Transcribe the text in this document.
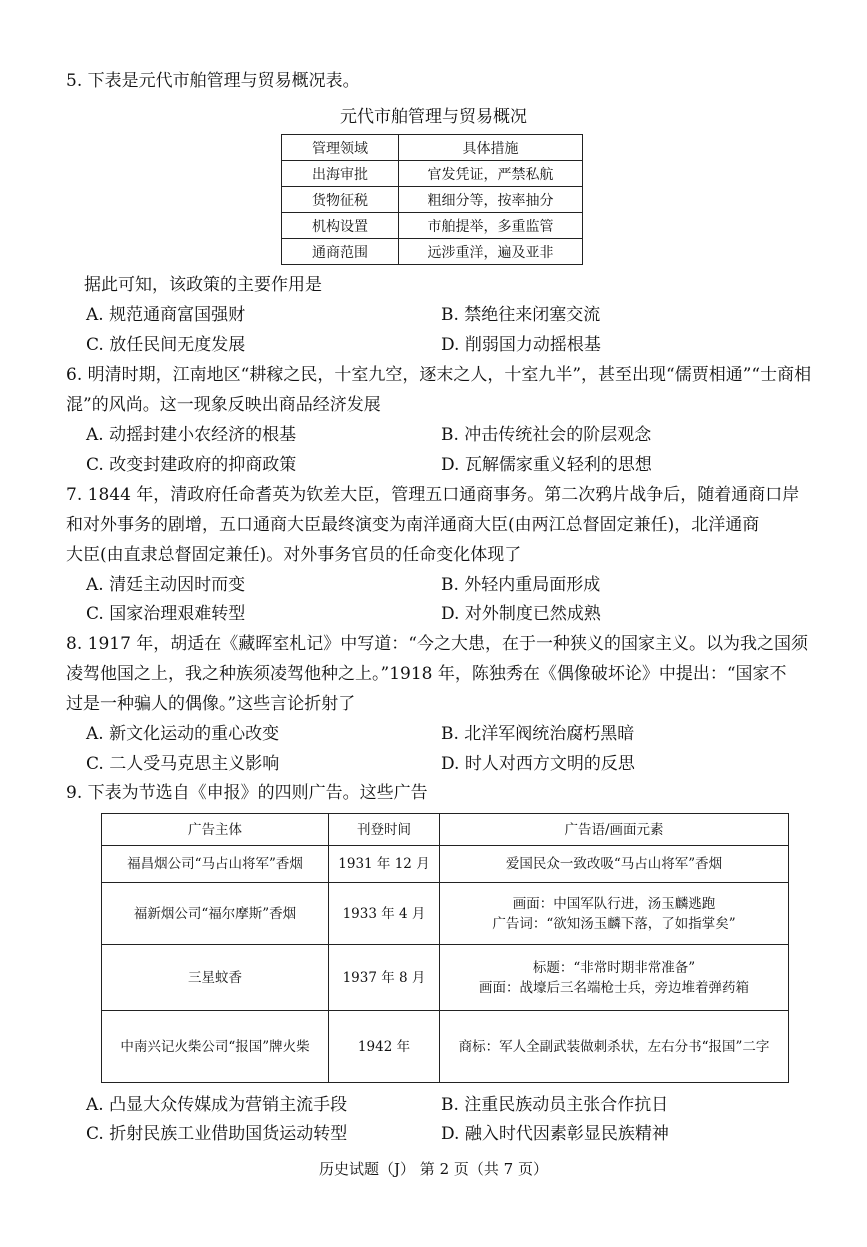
5. 下表是元代市舶管理与贸易概况表。
元代市舶管理与贸易概况
管理领域	具体措施
出海审批	官发凭证，严禁私航
货物征税	粗细分等，按率抽分
机构设置	市舶提举，多重监管
通商范围	远涉重洋，遍及亚非
据此可知，该政策的主要作用是
A. 规范通商富国强财	B. 禁绝往来闭塞交流
C. 放任民间无度发展	D. 削弱国力动摇根基
6. 明清时期，江南地区“耕稼之民，十室九空，逐末之人，十室九半”，甚至出现“儒贾相通”“士商相
混”的风尚。这一现象反映出商品经济发展
A. 动摇封建小农经济的根基	B. 冲击传统社会的阶层观念
C. 改变封建政府的抑商政策	D. 瓦解儒家重义轻利的思想
7. 1844 年，清政府任命耆英为钦差大臣，管理五口通商事务。第二次鸦片战争后，随着通商口岸
和对外事务的剧增，五口通商大臣最终演变为南洋通商大臣(由两江总督固定兼任)，北洋通商
大臣(由直隶总督固定兼任)。对外事务官员的任命变化体现了
A. 清廷主动因时而变	B. 外轻内重局面形成
C. 国家治理艰难转型	D. 对外制度已然成熟
8. 1917 年，胡适在《藏晖室札记》中写道：“今之大患，在于一种狭义的国家主义。以为我之国须
凌驾他国之上，我之种族须凌驾他种之上。”1918 年，陈独秀在《偶像破坏论》中提出：“国家不
过是一种骗人的偶像。”这些言论折射了
A. 新文化运动的重心改变	B. 北洋军阀统治腐朽黑暗
C. 二人受马克思主义影响	D. 时人对西方文明的反思
9. 下表为节选自《申报》的四则广告。这些广告
广告主体	刊登时间	广告语/画面元素
福昌烟公司“马占山将军”香烟	1931 年 12 月	爱国民众一致改吸“马占山将军”香烟

福新烟公司“福尔摩斯”香烟	1933 年 4 月	画面：中国军队行进，汤玉麟逃跑
广告词：“欲知汤玉麟下落，了如指掌矣”

三星蚊香	1937 年 8 月	标题：“非常时期非常准备”
画面：战壕后三名端枪士兵，旁边堆着弹药箱

中南兴记火柴公司“报国”牌火柴	1942 年	商标：军人全副武装做刺杀状，左右分书“报国”二字
A. 凸显大众传媒成为营销主流手段	B. 注重民族动员主张合作抗日
C. 折射民族工业借助国货运动转型	D. 融入时代因素彰显民族精神
历史试题（J） 第 2 页（共 7 页）
